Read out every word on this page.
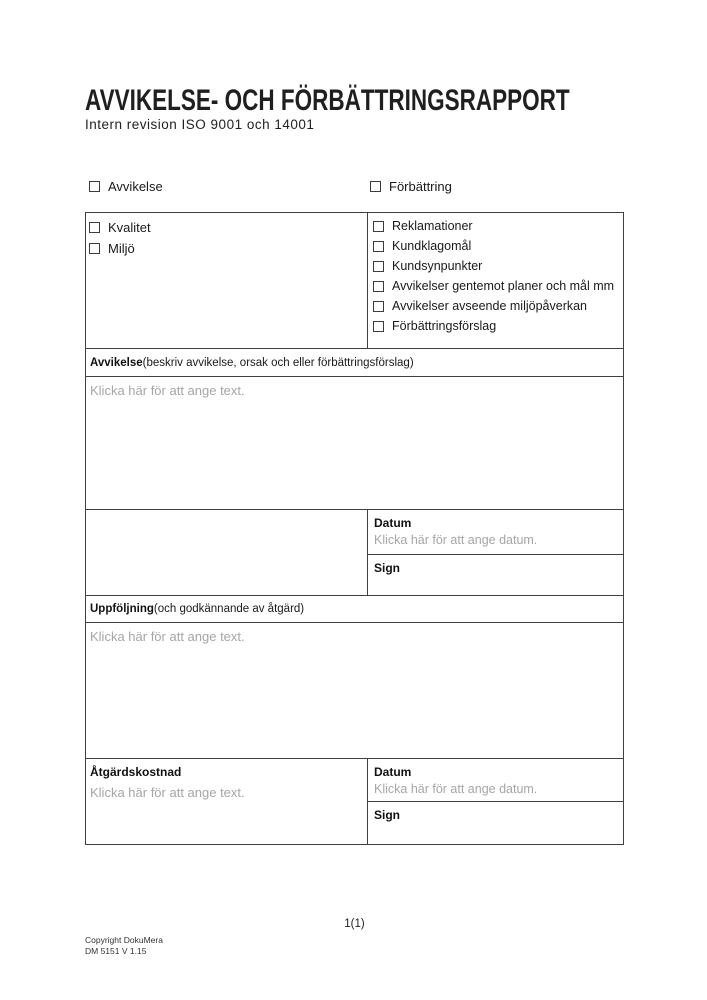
AVVIKELSE- OCH FÖRBÄTTRINGSRAPPORT
Intern revision ISO 9001 och 14001
Avvikelse	Förbättring
Kvalitet
Miljö
Reklamationer
Kundklagomål
Kundsynpunkter
Avvikelser gentemot planer och mål mm
Avvikelser avseende miljöpåverkan
Förbättringsförslag
Avvikelse (beskriv avvikelse, orsak och eller förbättringsförslag)
Klicka här för att ange text.
Datum
Klicka här för att ange datum.
Sign
Uppföljning (och godkännande av åtgärd)
Klicka här för att ange text.
Åtgärdskostnad
Klicka här för att ange text.
Datum
Klicka här för att ange datum.
Sign
1(1)
Copyright DokuMera
DM 5151 V 1.15
